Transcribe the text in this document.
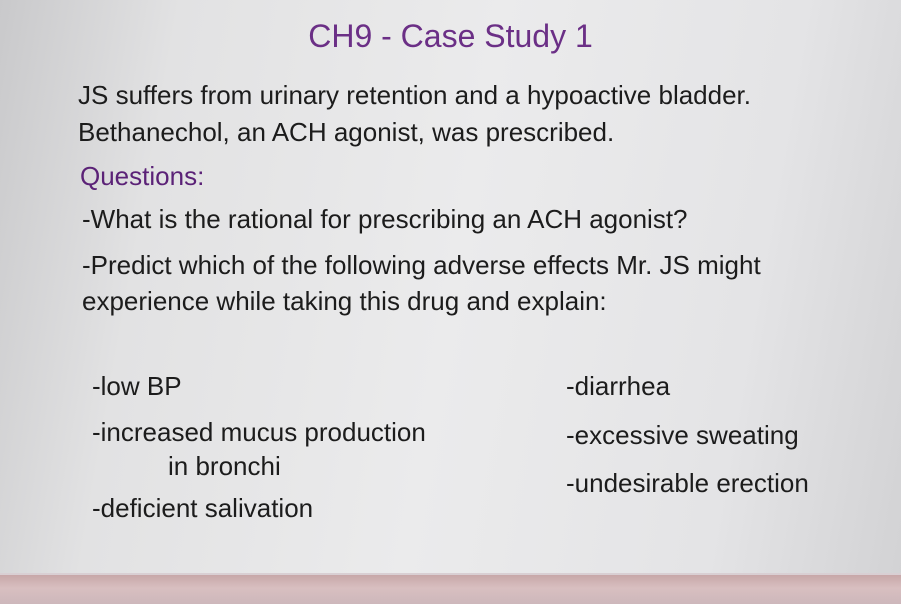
CH9 - Case Study 1
JS suffers from urinary retention and a hypoactive bladder.
Bethanechol, an ACH agonist, was prescribed.
Questions:
-What is the rational for prescribing an ACH agonist?
-Predict which of the following adverse effects Mr. JS might
experience while taking this drug and explain:
-low BP
-increased mucus production
in bronchi
-deficient salivation
-diarrhea
-excessive sweating
-undesirable erection
